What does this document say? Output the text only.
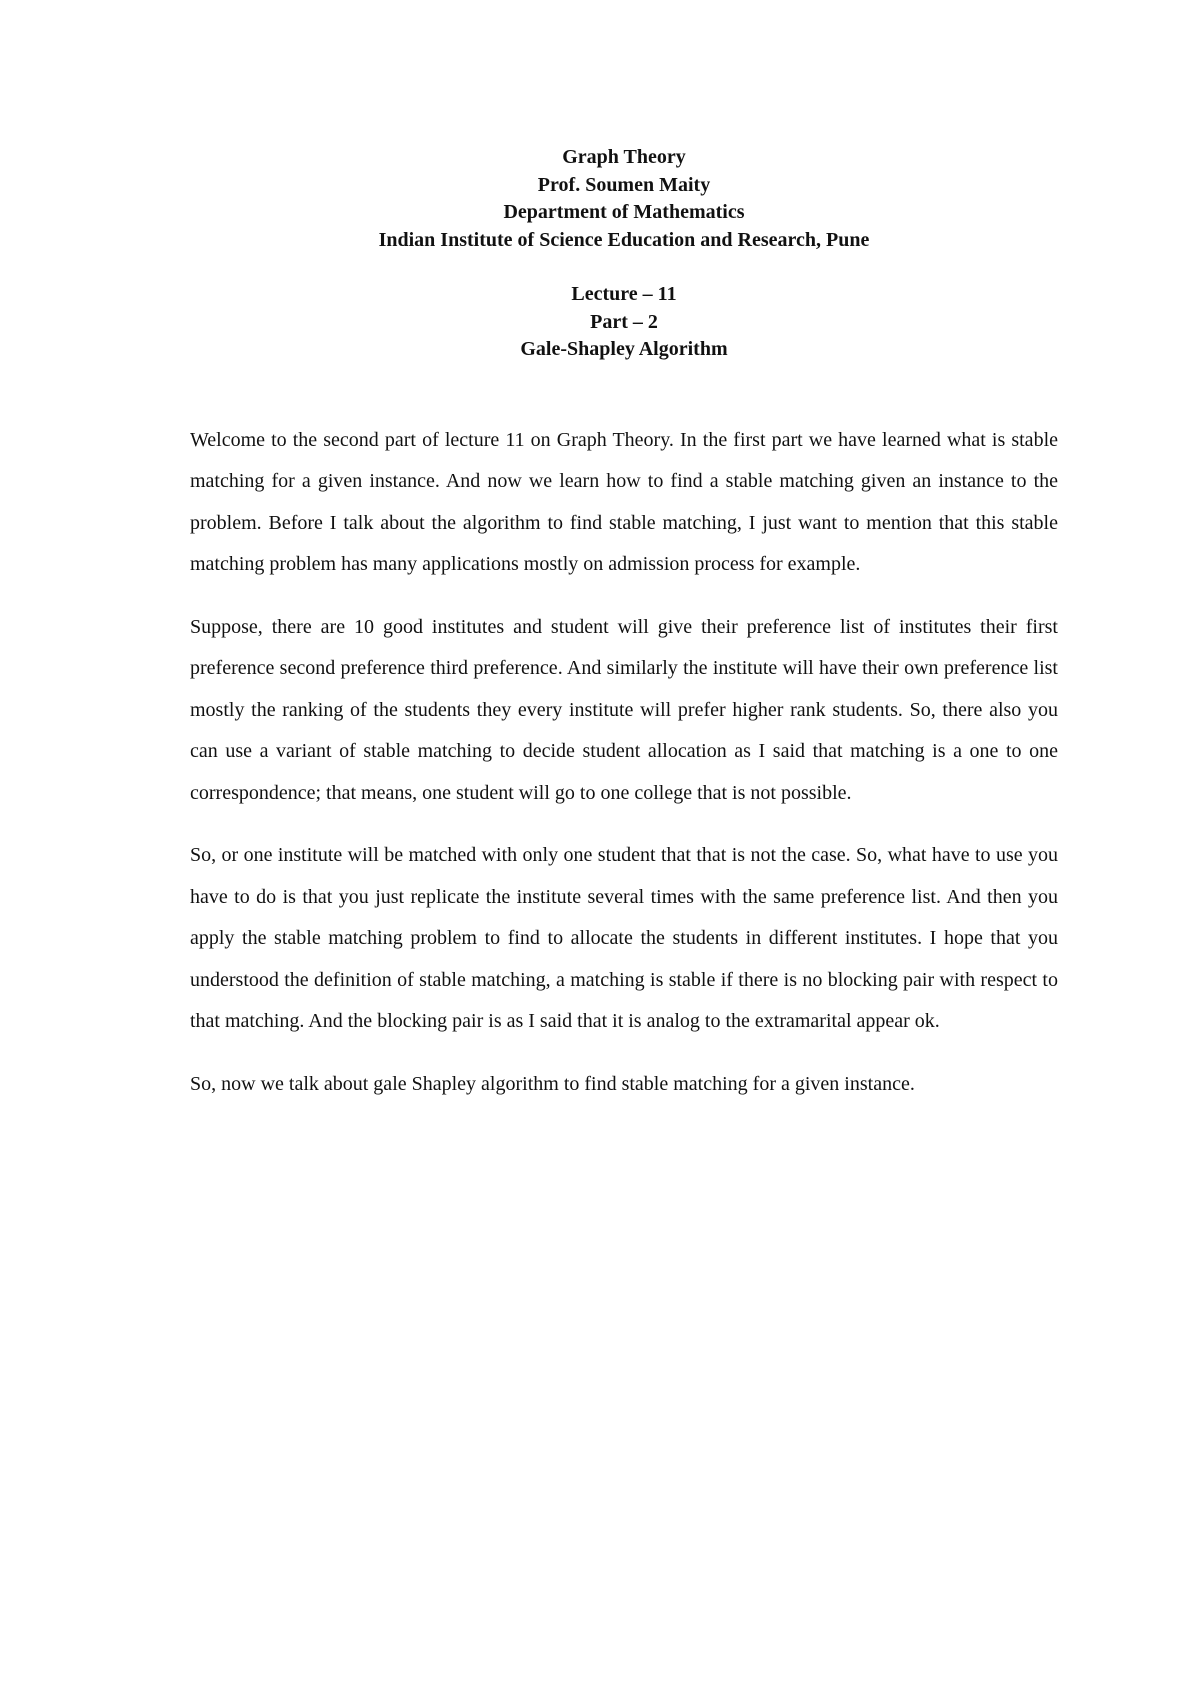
Graph Theory
Prof. Soumen Maity
Department of Mathematics
Indian Institute of Science Education and Research, Pune
Lecture – 11
Part – 2
Gale-Shapley Algorithm

Welcome to the second part of lecture 11 on Graph Theory. In the first part we have learned what is stable matching for a given instance. And now we learn how to find a stable matching given an instance to the problem. Before I talk about the algorithm to find stable matching, I just want to mention that this stable matching problem has many applications mostly on admission process for example.

Suppose, there are 10 good institutes and student will give their preference list of institutes their first preference second preference third preference. And similarly the institute will have their own preference list mostly the ranking of the students they every institute will prefer higher rank students. So, there also you can use a variant of stable matching to decide student allocation as I said that matching is a one to one correspondence; that means, one student will go to one college that is not possible.

So, or one institute will be matched with only one student that that is not the case. So, what have to use you have to do is that you just replicate the institute several times with the same preference list. And then you apply the stable matching problem to find to allocate the students in different institutes. I hope that you understood the definition of stable matching, a matching is stable if there is no blocking pair with respect to that matching. And the blocking pair is as I said that it is analog to the extramarital appear ok.

So, now we talk about gale Shapley algorithm to find stable matching for a given instance.
